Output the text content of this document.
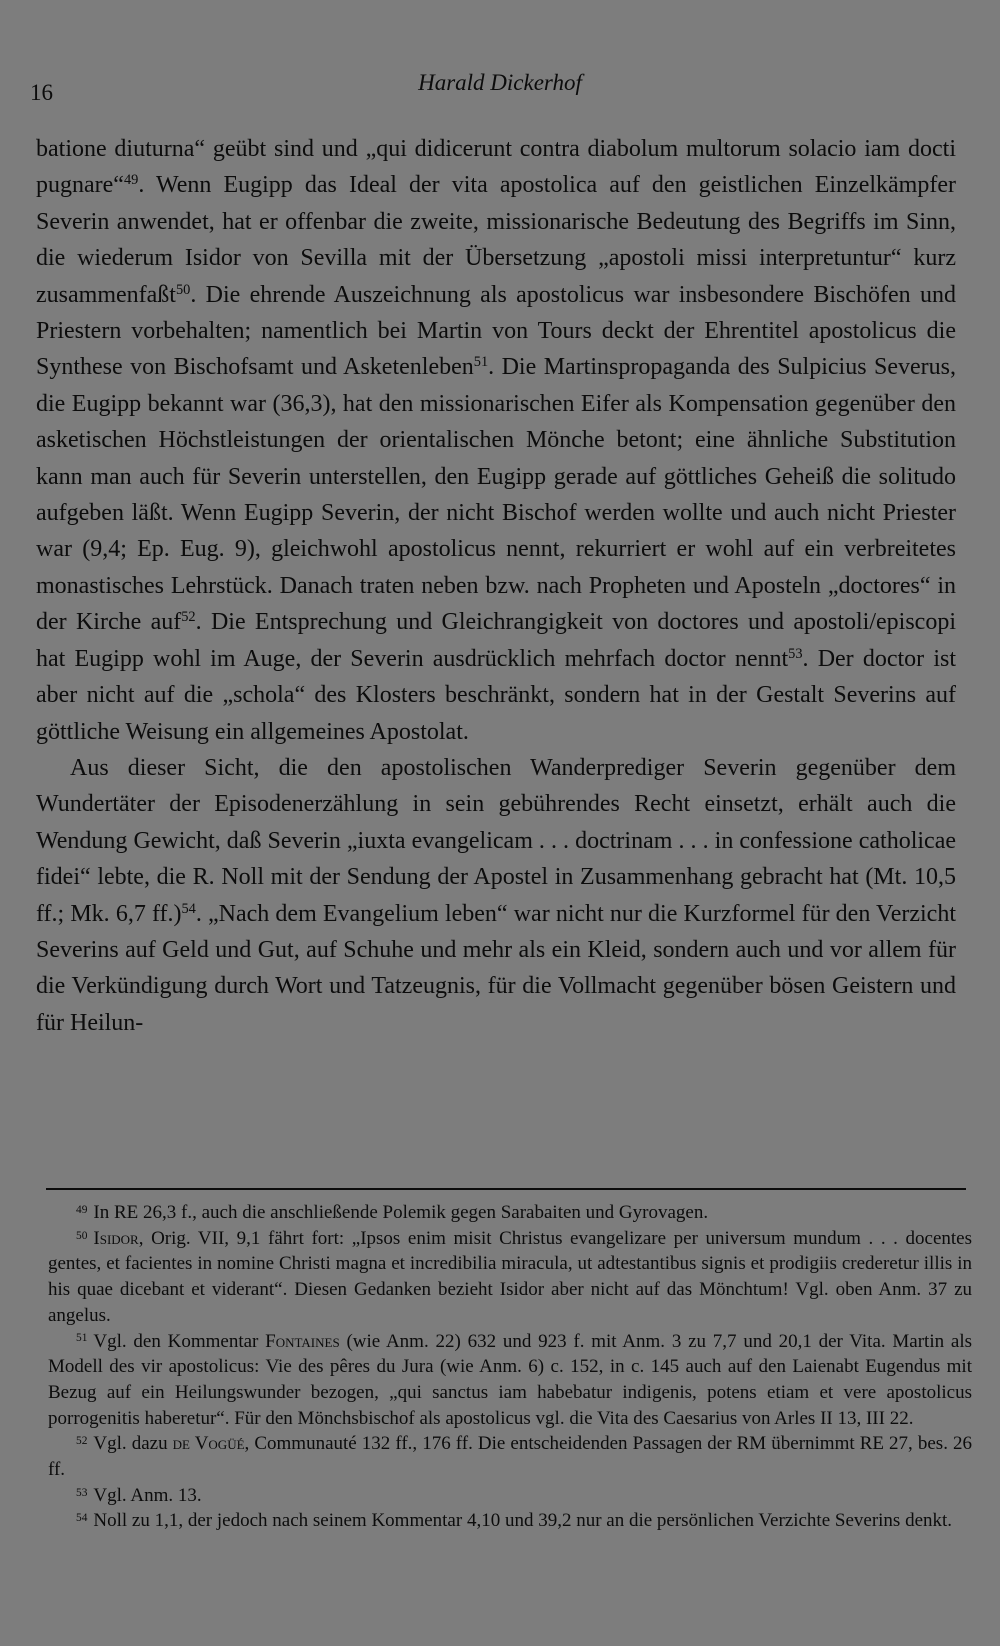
16	Harald Dickerhof

batione diuturna“ geübt sind und „qui didicerunt contra diabolum multorum solacio iam docti pugnare“$^{49}$. Wenn Eugipp das Ideal der vita apostolica auf den geistlichen Einzelkämpfer Severin anwendet, hat er offenbar die zweite, missionarische Bedeutung des Begriffs im Sinn, die wiederum Isidor von Sevilla mit der Übersetzung „apostoli missi interpretuntur“ kurz zusammenfaßt$^{50}$. Die ehrende Auszeichnung als apostolicus war insbesondere Bischöfen und Priestern vorbehalten; namentlich bei Martin von Tours deckt der Ehrentitel apostolicus die Synthese von Bischofsamt und Asketenleben$^{51}$. Die Martinspropaganda des Sulpicius Severus, die Eugipp bekannt war (36,3), hat den missionarischen Eifer als Kompensation gegenüber den asketischen Höchstleistungen der orientalischen Mönche betont; eine ähnliche Substitution kann man auch für Severin unterstellen, den Eugipp gerade auf göttliches Geheiß die solitudo aufgeben läßt. Wenn Eugipp Severin, der nicht Bischof werden wollte und auch nicht Priester war (9,4; Ep. Eug. 9), gleichwohl apostolicus nennt, rekurriert er wohl auf ein verbreitetes monastisches Lehrstück. Danach traten neben bzw. nach Propheten und Aposteln „doctores“ in der Kirche auf$^{52}$. Die Entsprechung und Gleichrangigkeit von doctores und apostoli/episcopi hat Eugipp wohl im Auge, der Severin ausdrücklich mehrfach doctor nennt$^{53}$. Der doctor ist aber nicht auf die „schola“ des Klosters beschränkt, sondern hat in der Gestalt Severins auf göttliche Weisung ein allgemeines Apostolat.

Aus dieser Sicht, die den apostolischen Wanderprediger Severin gegenüber dem Wundertäter der Episodenerzählung in sein gebührendes Recht einsetzt, erhält auch die Wendung Gewicht, daß Severin „iuxta evangelicam . . . doctrinam . . . in confessione catholicae fidei“ lebte, die R. Noll mit der Sendung der Apostel in Zusammenhang gebracht hat (Mt. 10,5 ff.; Mk. 6,7 ff.)$^{54}$. „Nach dem Evangelium leben“ war nicht nur die Kurzformel für den Verzicht Severins auf Geld und Gut, auf Schuhe und mehr als ein Kleid, sondern auch und vor allem für die Verkündigung durch Wort und Tatzeugnis, für die Vollmacht gegenüber bösen Geistern und für Heilun-

$^{49}$ In RE 26,3 f., auch die anschließende Polemik gegen Sarabaiten und Gyrovagen.

$^{50}$ Isidor, Orig. VII, 9,1 fährt fort: „Ipsos enim misit Christus evangelizare per universum mundum . . . docentes gentes, et facientes in nomine Christi magna et incredibilia miracula, ut adtestantibus signis et prodigiis crederetur illis in his quae dicebant et viderant“. Diesen Gedanken bezieht Isidor aber nicht auf das Mönchtum! Vgl. oben Anm. 37 zu angelus.

$^{51}$ Vgl. den Kommentar Fontaines (wie Anm. 22) 632 und 923 f. mit Anm. 3 zu 7,7 und 20,1 der Vita. Martin als Modell des vir apostolicus: Vie des pêres du Jura (wie Anm. 6) c. 152, in c. 145 auch auf den Laienabt Eugendus mit Bezug auf ein Heilungswunder bezogen, „qui sanctus iam habebatur indigenis, potens etiam et vere apostolicus porrogenitis haberetur“. Für den Mönchsbischof als apostolicus vgl. die Vita des Caesarius von Arles II 13, III 22.

$^{52}$ Vgl. dazu de Vogüé, Communauté 132 ff., 176 ff. Die entscheidenden Passagen der RM übernimmt RE 27, bes. 26 ff.

$^{53}$ Vgl. Anm. 13.

$^{54}$ Noll zu 1,1, der jedoch nach seinem Kommentar 4,10 und 39,2 nur an die persönlichen Verzichte Severins denkt.
